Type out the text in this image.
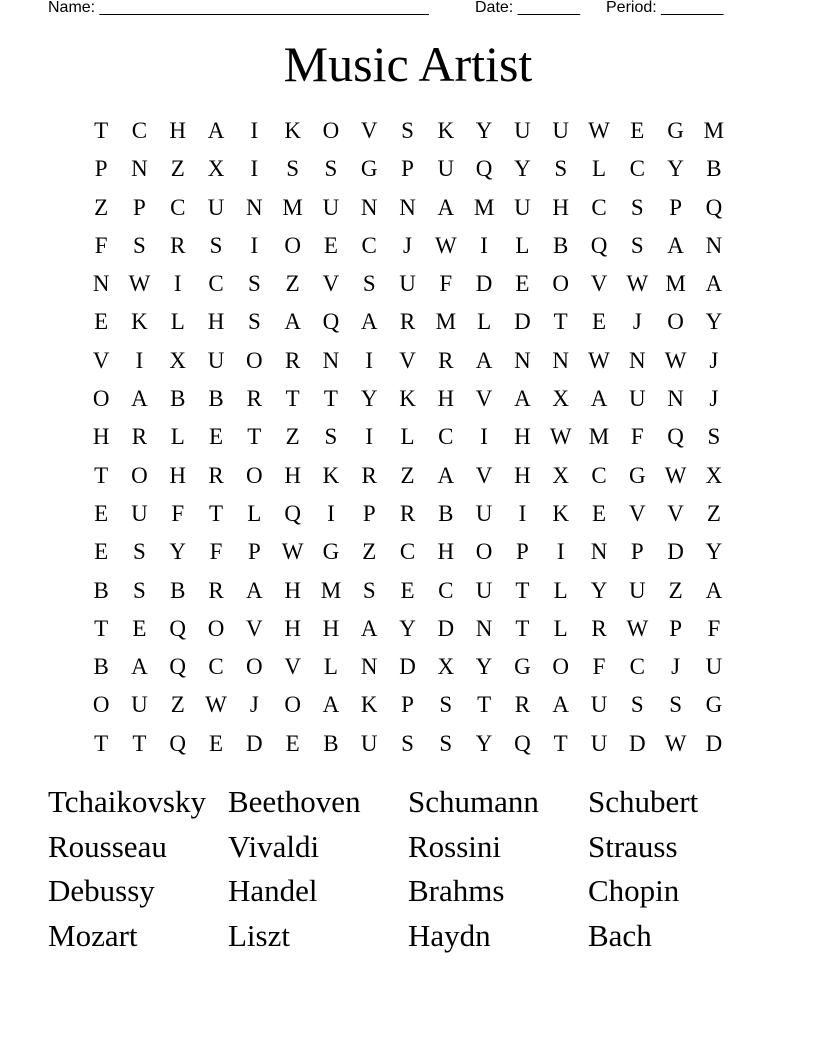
Name: _____________________________________	Date: _______ Period: _______
Music Artist
T	C H A	I	K O V	S	K Y U U W E G M
P	N Z X	I	S	S	G	P	U Q Y	S	L	C Y B
Z	P	C U N M U N N A M U H C	S	P	Q
F	S	R	S	I	O E	C	J W	I	L	B Q	S	A N
N W	I	C	S	Z V	S	U	F	D E O V W M A
E K L H	S	A Q A R M L D T	E	J	O Y
V	I	X U O R N	I	V R A N N W N W J
O A B B R	T	T Y K H V A X A U N	J
H R	L	E	T	Z	S	I	L	C	I	H W M F	Q	S
T O H R O H K R	Z A V H X C G W X
E U	F	T	L Q	I	P	R B U	I	K E V V Z
E	S	Y	F	P W G Z	C H O	P	I	N	P	D Y
B	S	B R A H M S	E	C U T	L Y U Z A
T	E Q O V H H A Y D N T	L	R W P	F
B A Q C O V L N D X Y G O	F	C	J	U
O U Z W J	O A K	P	S	T	R A U	S	S	G
T	T Q E D E	B U	S	S	Y Q T U D W D
Tchaikovsky Beethoven	Schumann	Schubert
Rousseau	Vivaldi	Rossini	Strauss
Debussy	Handel	Brahms	Chopin
Mozart	Liszt	Haydn	Bach
